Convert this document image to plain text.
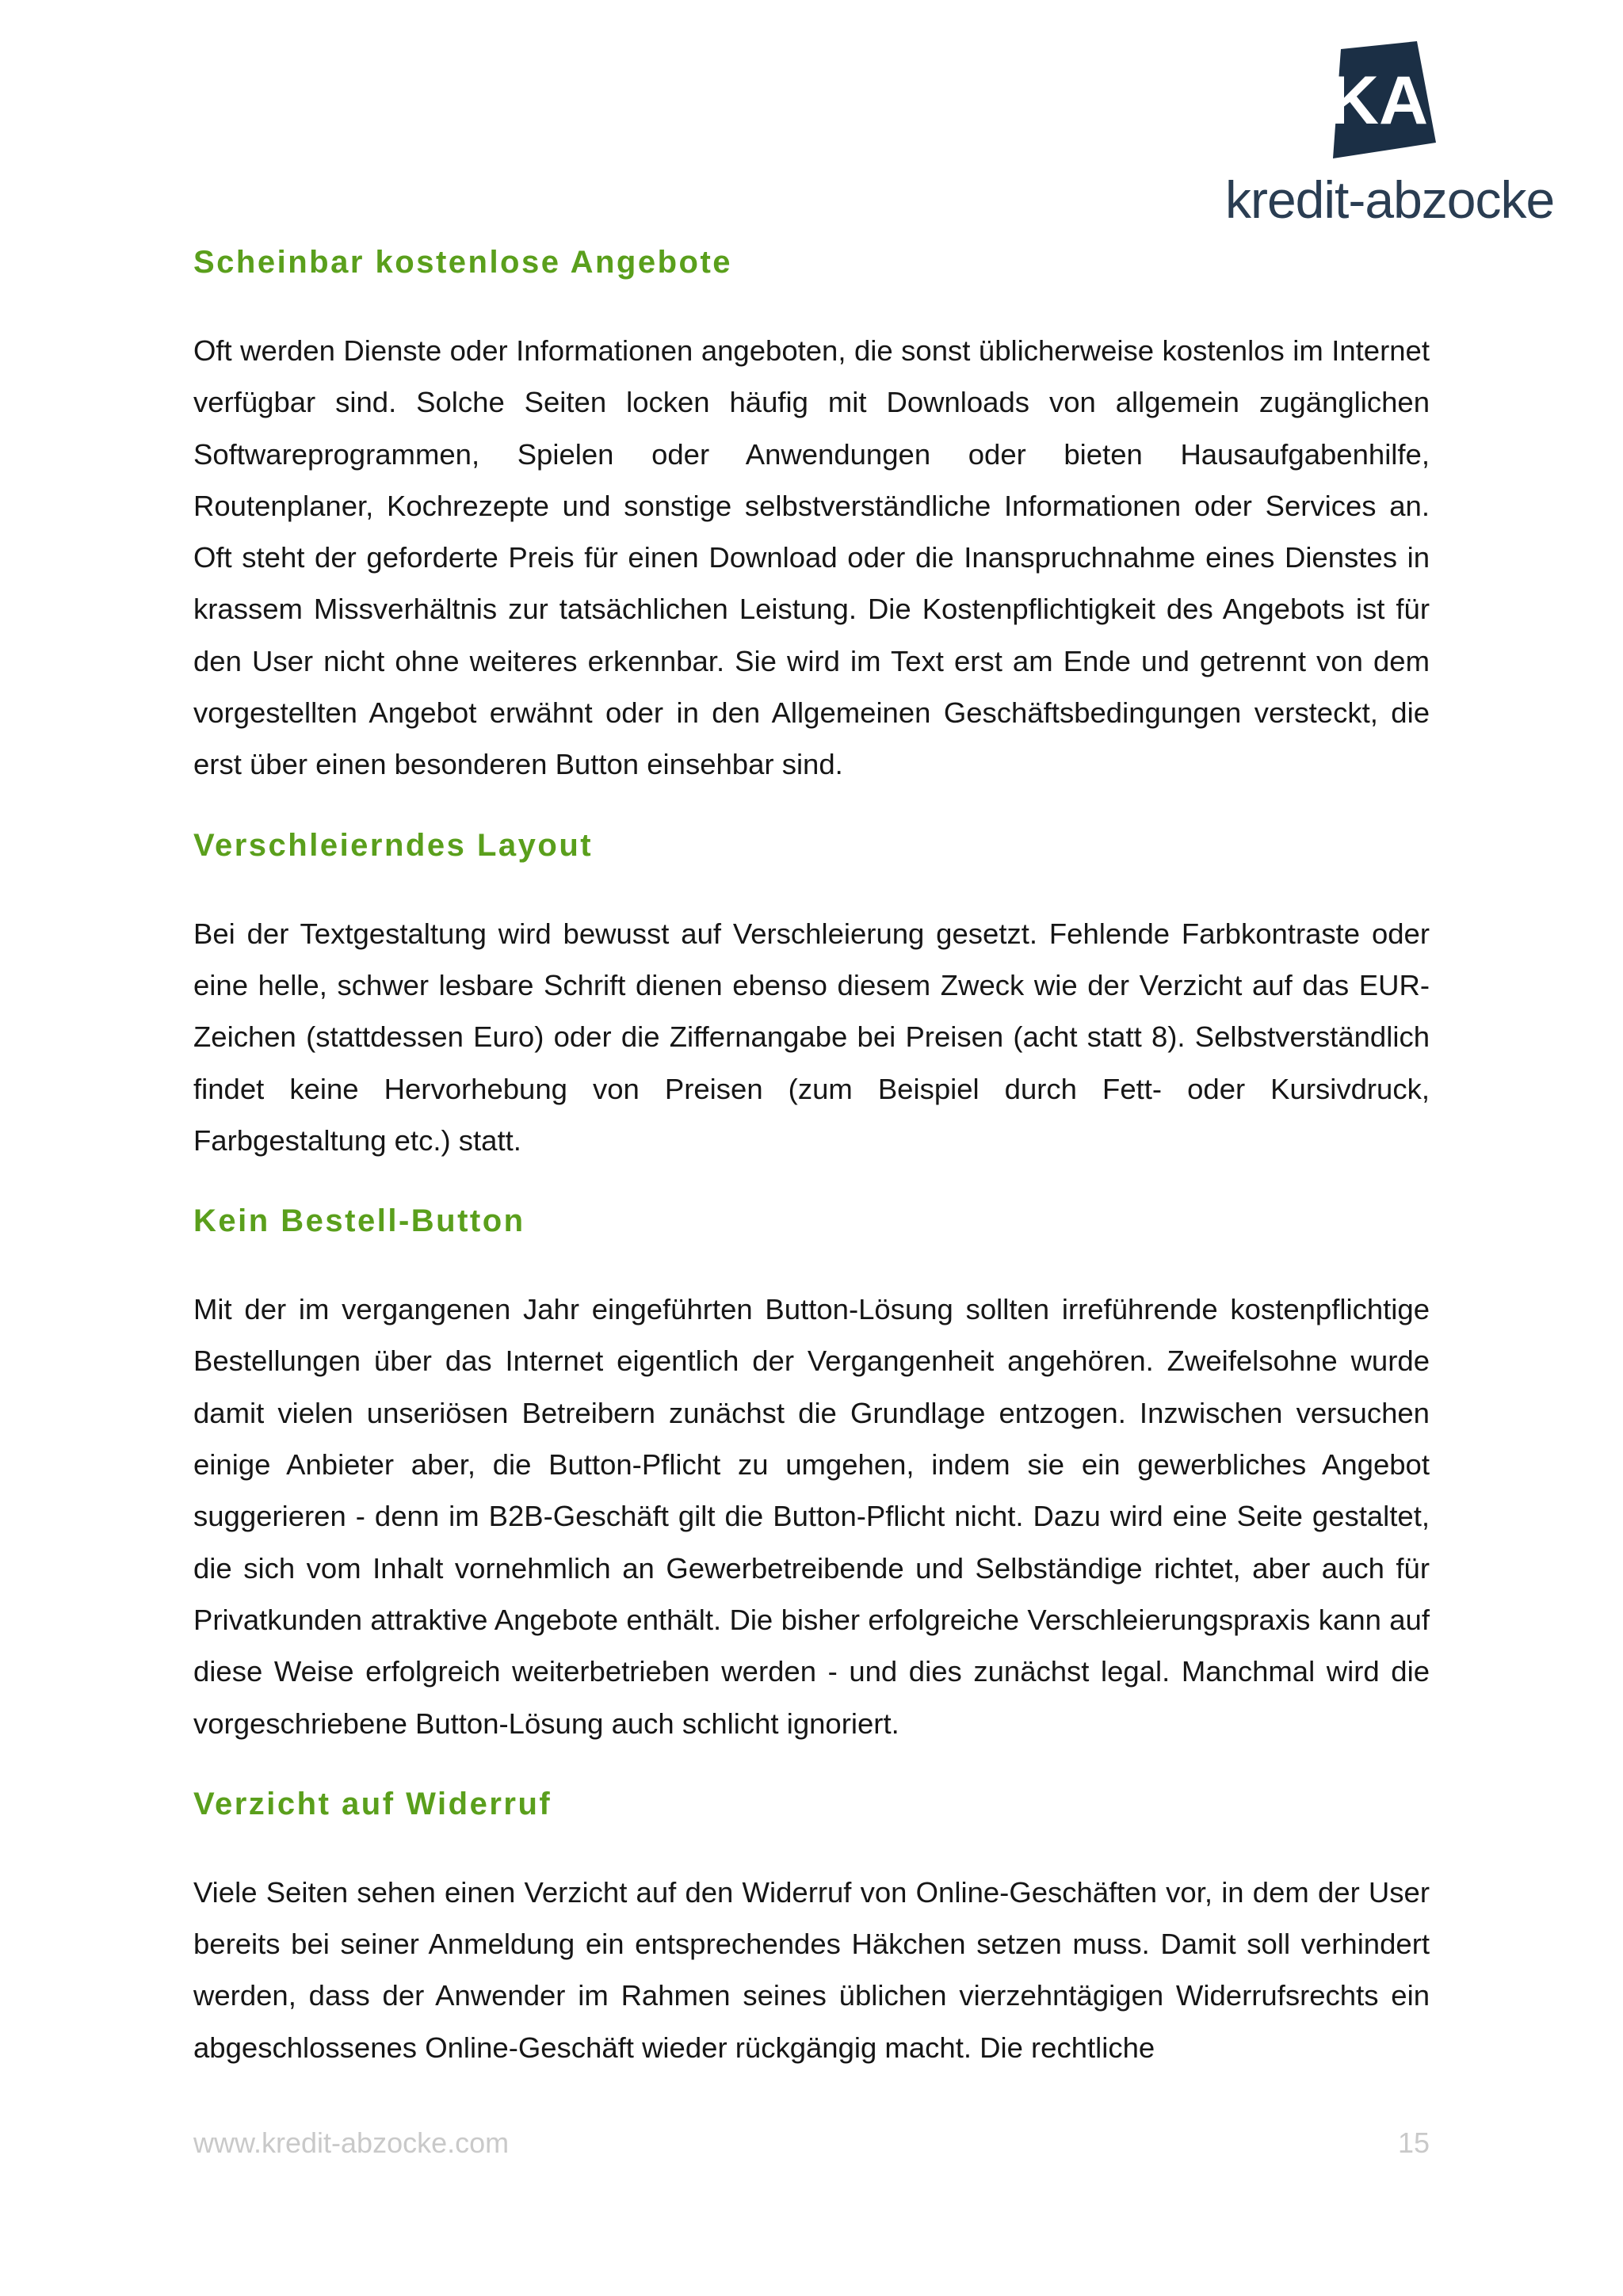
KA
kredit-abzocke
Scheinbar kostenlose Angebote

Oft werden Dienste oder Informationen angeboten, die sonst üblicherweise kostenlos im Internet verfügbar sind. Solche Seiten locken häufig mit Downloads von allgemein zugänglichen Softwareprogrammen, Spielen oder Anwendungen oder bieten Hausaufgabenhilfe, Routenplaner, Kochrezepte und sonstige selbstverständliche Informationen oder Services an. Oft steht der geforderte Preis für einen Download oder die Inanspruchnahme eines Dienstes in krassem Missverhältnis zur tatsächlichen Leistung. Die Kostenpflichtigkeit des Angebots ist für den User nicht ohne weiteres erkennbar. Sie wird im Text erst am Ende und getrennt von dem vorgestellten Angebot erwähnt oder in den Allgemeinen Geschäftsbedingungen versteckt, die erst über einen besonderen Button einsehbar sind.

Verschleierndes Layout

Bei der Textgestaltung wird bewusst auf Verschleierung gesetzt. Fehlende Farbkontraste oder eine helle, schwer lesbare Schrift dienen ebenso diesem Zweck wie der Verzicht auf das EUR-Zeichen (stattdessen Euro) oder die Ziffernangabe bei Preisen (acht statt 8). Selbstverständlich findet keine Hervorhebung von Preisen (zum Beispiel durch Fett- oder Kursivdruck, Farbgestaltung etc.) statt.

Kein Bestell-Button

Mit der im vergangenen Jahr eingeführten Button-Lösung sollten irreführende kostenpflichtige Bestellungen über das Internet eigentlich der Vergangenheit angehören. Zweifelsohne wurde damit vielen unseriösen Betreibern zunächst die Grundlage entzogen. Inzwischen versuchen einige Anbieter aber, die Button-Pflicht zu umgehen, indem sie ein gewerbliches Angebot suggerieren - denn im B2B-Geschäft gilt die Button-Pflicht nicht. Dazu wird eine Seite gestaltet, die sich vom Inhalt vornehmlich an Gewerbetreibende und Selbständige richtet, aber auch für Privatkunden attraktive Angebote enthält. Die bisher erfolgreiche Verschleierungspraxis kann auf diese Weise erfolgreich weiterbetrieben werden - und dies zunächst legal. Manchmal wird die vorgeschriebene Button-Lösung auch schlicht ignoriert.

Verzicht auf Widerruf

Viele Seiten sehen einen Verzicht auf den Widerruf von Online-Geschäften vor, in dem der User bereits bei seiner Anmeldung ein entsprechendes Häkchen setzen muss. Damit soll verhindert werden, dass der Anwender im Rahmen seines üblichen vierzehntägigen Widerrufsrechts ein abgeschlossenes Online-Geschäft wieder rückgängig macht. Die rechtliche

www.kredit-abzocke.com	15
